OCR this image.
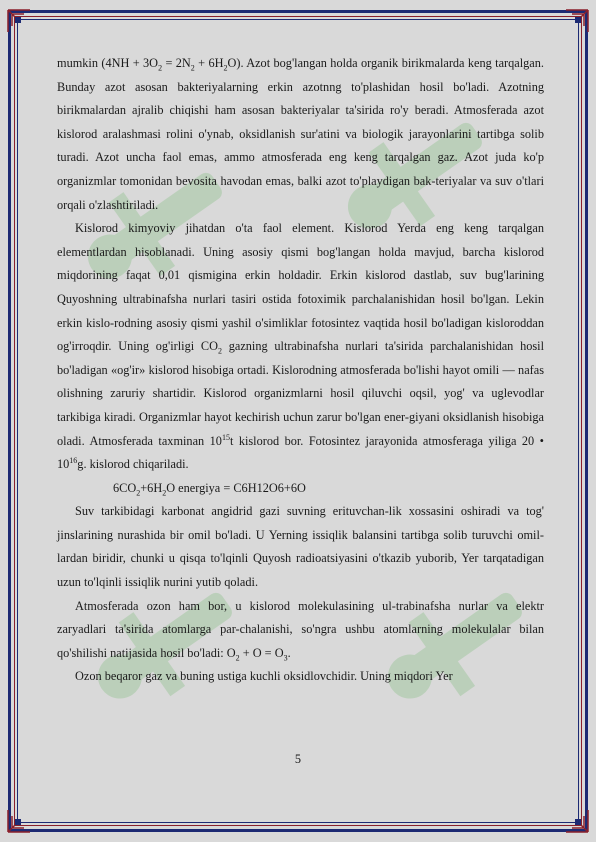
mumkin $(4NH + 3O_2 = 2N_2 + 6H_2O)$. Azot bog'langan holda organik birikmalarda keng tarqalgan. Bunday azot asosan bakteriyalarning erkin azotnng to'plashidan hosil bo'ladi. Azotning birikmalardan ajralib chiqishi ham asosan bakteriyalar ta'sirida ro'y beradi. Atmosferada azot kislorod aralashmasi rolini o'ynab, oksidlanish sur'atini va biologik jarayonlarini tartibga solib turadi. Azot uncha faol emas, ammo atmosferada eng keng tarqalgan gaz. Azot juda ko'p organizmlar tomonidan bevosita havodan emas, balki azot to'playdigan bak-teriyalar va suv o'tlari orqali o'zlashtiriladi.

Kislorod kimyoviy jihatdan o'ta faol element. Kislorod Yerda eng keng tarqalgan elementlardan hisoblanadi. Uning asosiy qismi bog'langan holda mavjud, barcha kislorod miqdorining faqat 0,01 qismigina erkin holdadir. Erkin kislorod dastlab, suv bug'larining Quyoshning ultrabinafsha nurlari tasiri ostida fotoximik parchalanishidan hosil bo'lgan. Lekin erkin kislo-rodning asosiy qismi yashil o'simliklar fotosintez vaqtida hosil bo'ladigan kisloroddan og'irroqdir. Uning og'irligi $CO_2$ gazning ultrabinafsha nurlari ta'sirida parchalanishidan hosil bo'ladigan «og'ir» kislorod hisobiga ortadi. Kislorodning atmosferada bo'lishi hayot omili — nafas olishning zaruriy shartidir. Kislorod organizmlarni hosil qiluvchi oqsil, yog' va uglevodlar tarkibiga kiradi. Organizmlar hayot kechirish uchun zarur bo'lgan ener-giyani oksidlanish hisobiga oladi. Atmosferada taxminan $10^{15}t$ kislorod bor. Fotosintez jarayonida atmosferaga yiliga 20 • $10^{16}g$. kislorod chiqariladi.

$6CO_2+6H_2O$ energiya = C6H12O6+6O

Suv tarkibidagi karbonat angidrid gazi suvning erituvchan-lik xossasini oshiradi va tog' jinslarining nurashida bir omil bo'ladi. U Yerning issiqlik balansini tartibga solib turuvchi omil-lardan biridir, chunki u qisqa to'lqinli Quyosh radioatsiyasini o'tkazib yuborib, Yer tarqatadigan uzun to'lqinli issiqlik nurini yutib qoladi.

Atmosferada ozon ham bor, u kislorod molekulasining ul-trabinafsha nurlar va elektr zaryadlari ta'sirida atomlarga par-chalanishi, so'ngra ushbu atomlarning molekulalar bilan qo'shilishi natijasida hosil bo'ladi: $O_2 + O = O_3$.

Ozon beqaror gaz va buning ustiga kuchli oksidlovchidir. Uning miqdori Yer

5
